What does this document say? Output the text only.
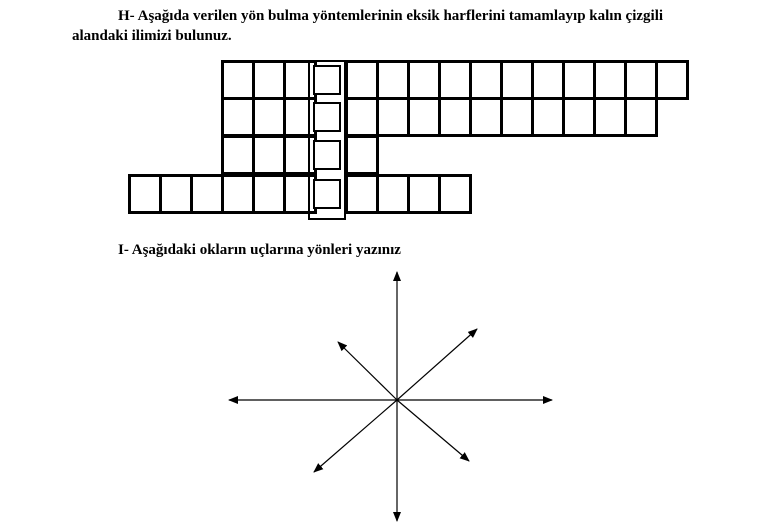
H- Aşağıda verilen yön bulma yöntemlerinin eksik harflerini tamamlayıp kalın çizgili alandaki ilimizi bulunuz.

I- Aşağıdaki okların uçlarına yönleri yazınız
